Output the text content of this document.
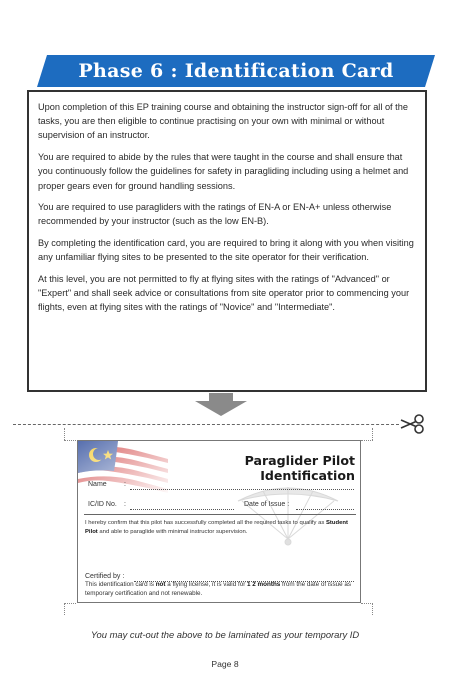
Phase 6 : Identification Card

Upon completion of this EP training course and obtaining the instructor sign-off for all of the tasks, you are then eligible to continue practising on your own with minimal or without supervision of an instructor.

You are required to abide by the rules that were taught in the course and shall ensure that you continuously follow the guidelines for safety in paragliding including using a helmet and proper gears even for ground handling sessions.

You are required to use paragliders with the ratings of EN-A or EN-A+ unless otherwise recommended by your instructor (such as the low EN-B).

By completing the identification card, you are required to bring it along with you when visiting any unfamiliar flying sites to be presented to the site operator for their verification.

At this level, you are not permitted to fly at flying sites with the ratings of "Advanced" or "Expert" and shall seek advice or consultations from site operator prior to commencing your flights, even at flying sites with the ratings of "Novice" and "Intermediate".

Paraglider Pilot Identification
Name :
IC/ID No. :	Date of Issue :
I hereby confirm that this pilot has successfully completed all the required tasks to qualify as Student Pilot and able to paraglide with minimal instructor supervision.
Certified by :
This identification card is not a flying license, it is valid for 1 2 months from the date of issue as temporary certification and not renewable.
You may cut-out the above to be laminated as your temporary ID
Page 8
